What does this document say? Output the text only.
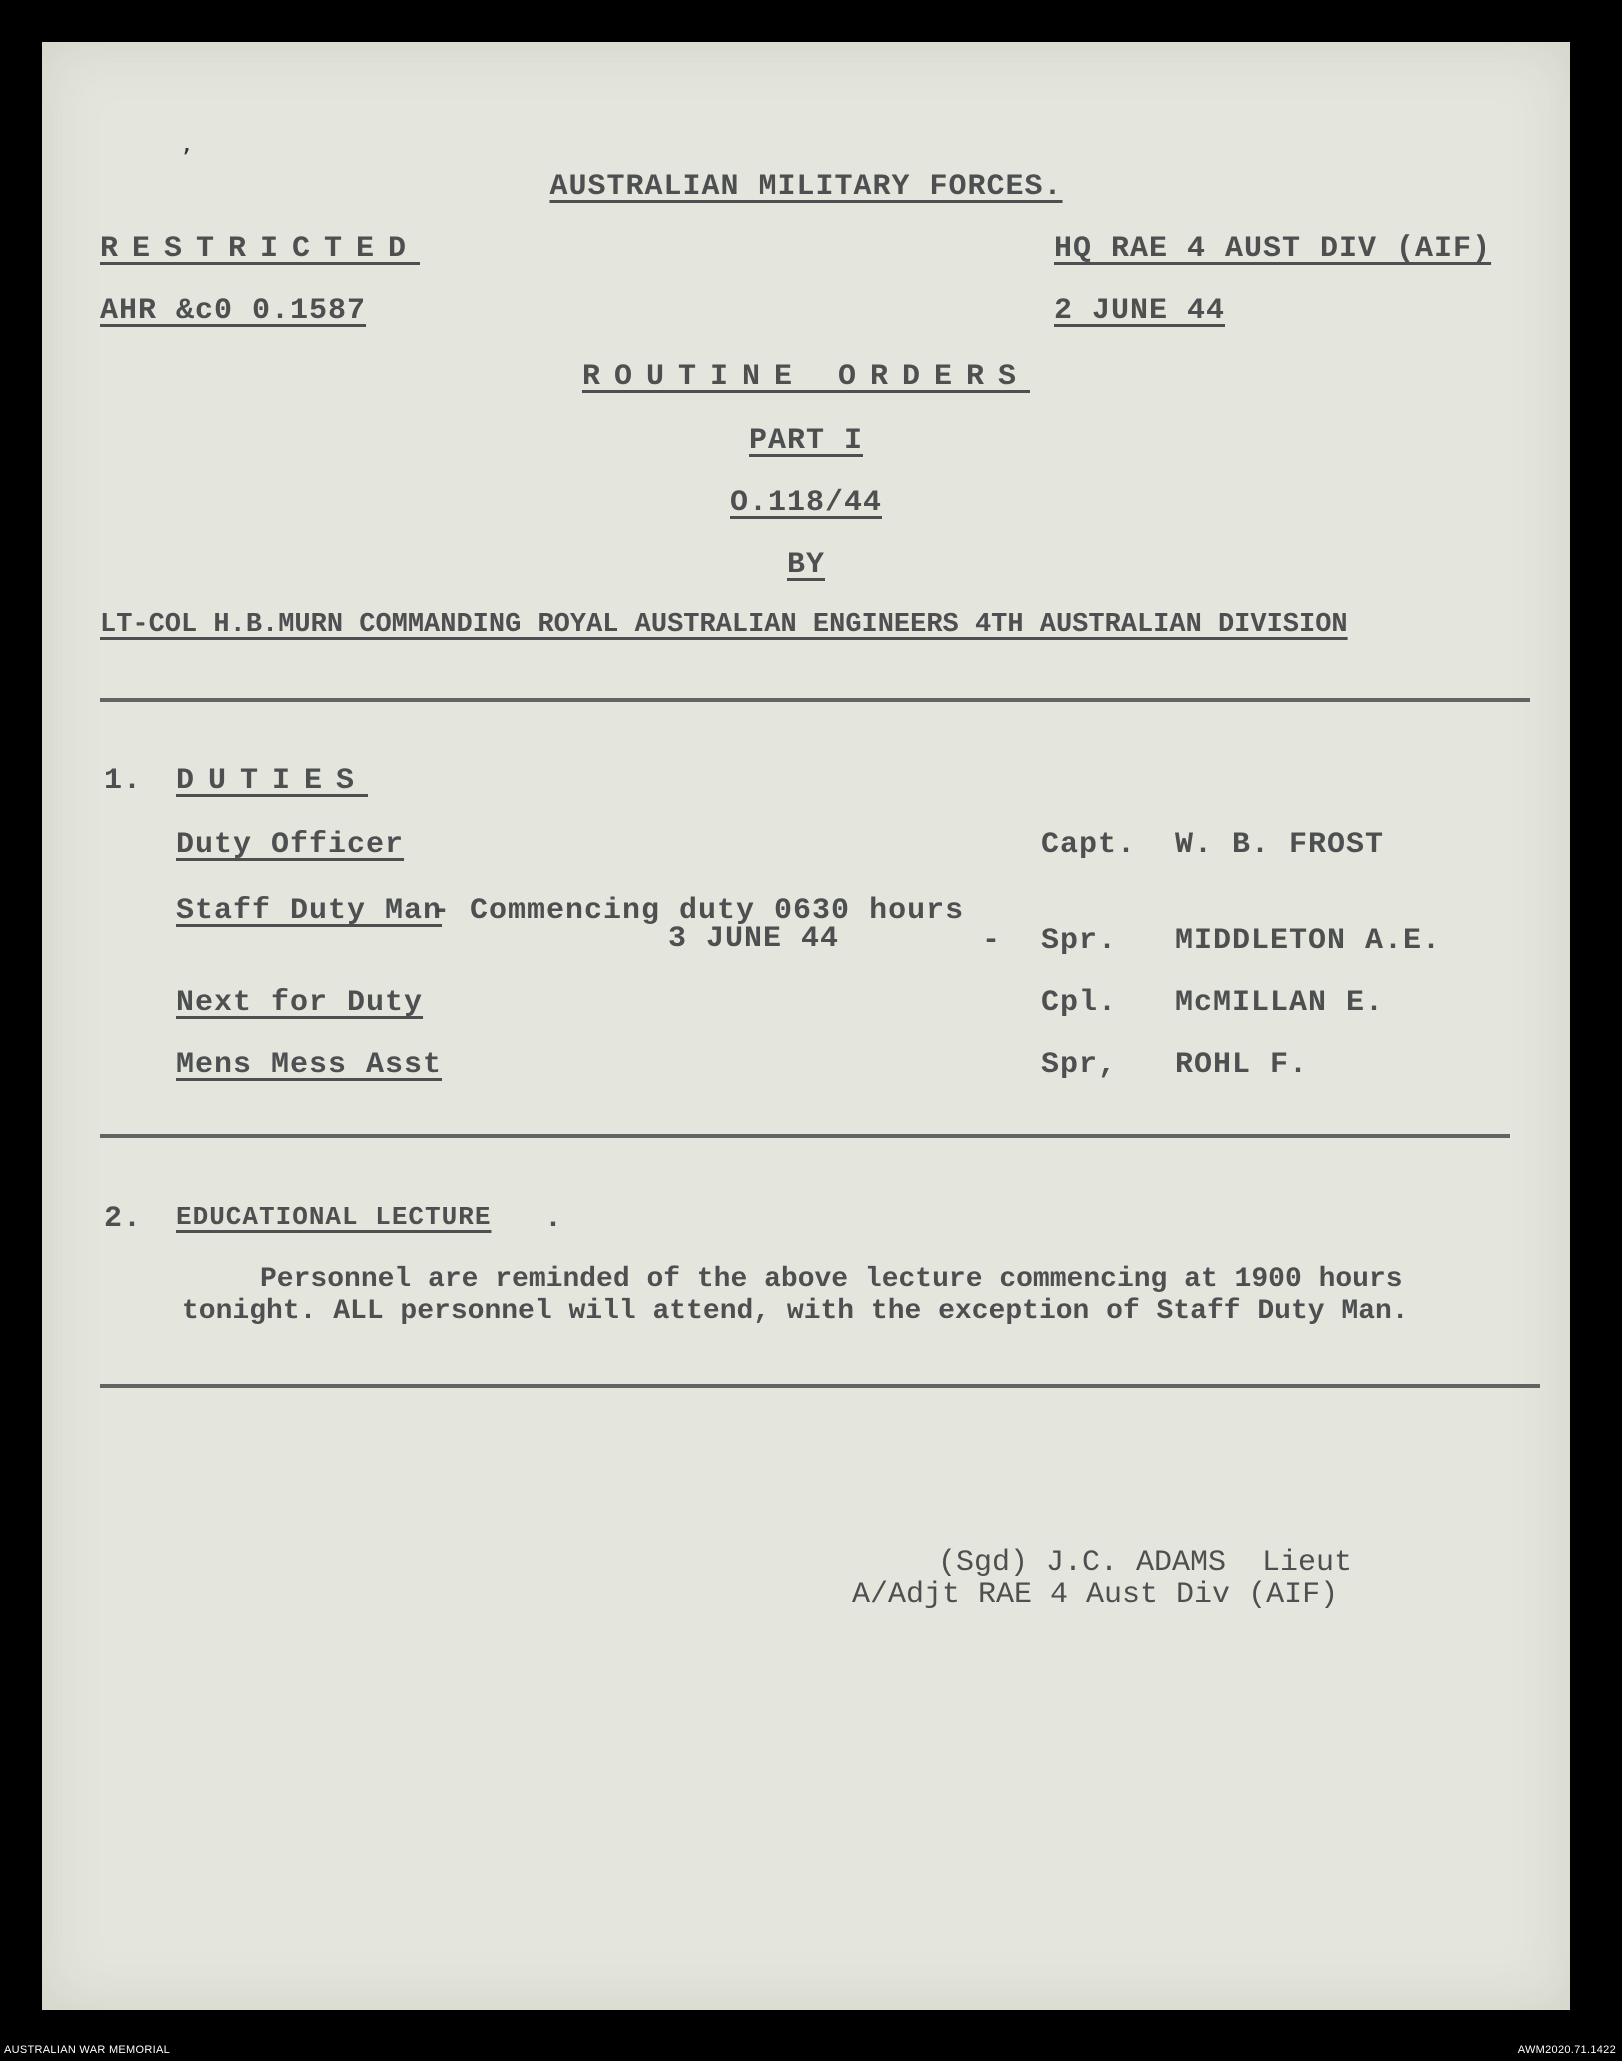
’
AUSTRALIAN MILITARY FORCES.
RESTRICTED	HQ RAE 4 AUST DIV (AIF)
AHR &c0 0.1587	2 JUNE 44
ROUTINE ORDERS
PART I
O.118/44
BY
LT-COL H.B.MURN COMMANDING ROYAL AUSTRALIAN ENGINEERS 4TH AUSTRALIAN DIVISION
1. DUTIES
Duty Officer	Capt. W. B. FROST
Staff Duty Man
- Commencing duty 0630 hours
3 JUNE 44	- Spr. MIDDLETON A.E.
Next for Duty	Cpl. McMILLAN E.
Mens Mess Asst	Spr, ROHL F.
2. EDUCATIONAL LECTURE .
Personnel are reminded of the above lecture commencing at 1900 hours
tonight. ALL personnel will attend, with the exception of Staff Duty Man.
(Sgd) J.C. ADAMS  Lieut
A/Adjt RAE 4 Aust Div (AIF)
AUSTRALIAN WAR MEMORIAL	AWM2020.71.1422
